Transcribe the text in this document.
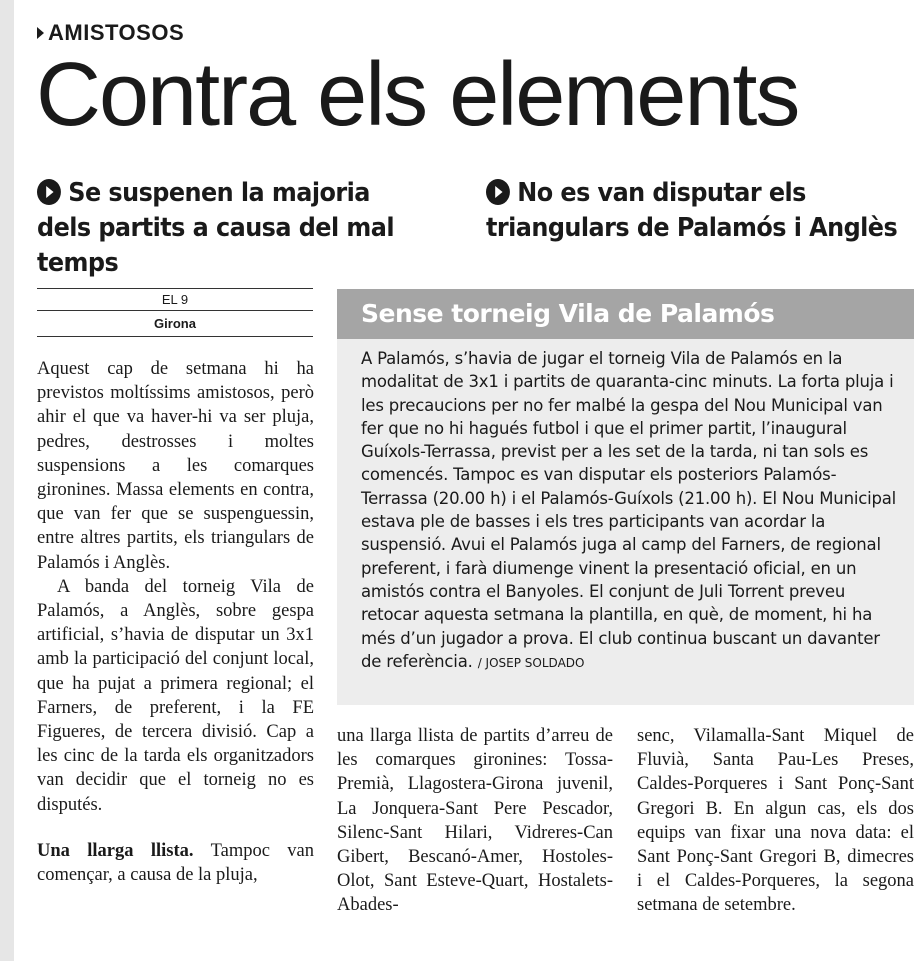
AMISTOSOS
Contra els elements
Se suspenen la majoria dels partits a causa del mal temps
No es van disputar els triangulars de Palamós i Anglès
EL 9
Girona

Aquest cap de setmana hi ha previstos moltíssims amistosos, però ahir el que va haver-hi va ser pluja, pedres, destrosses i moltes suspensions a les comarques gironines. Massa elements en contra, que van fer que se suspenguessin, entre altres partits, els triangulars de Palamós i Anglès.

A banda del torneig Vila de Palamós, a Anglès, sobre gespa artificial, s’havia de disputar un 3x1 amb la participació del conjunt local, que ha pujat a primera regional; el Farners, de preferent, i la FE Figueres, de tercera divisió. Cap a les cinc de la tarda els organitzadors van decidir que el torneig no es disputés.

Una llarga llista. Tampoc van començar, a causa de la pluja,

Sense torneig Vila de Palamós
A Palamós, s’havia de jugar el torneig Vila de Palamós en la modalitat de 3x1 i partits de quaranta-cinc minuts. La forta pluja i les precaucions per no fer malbé la gespa del Nou Municipal van fer que no hi hagués futbol i que el primer partit, l’inaugural Guíxols-Terrassa, previst per a les set de la tarda, ni tan sols es comencés. Tampoc es van disputar els posteriors Palamós-Terrassa (20.00 h) i el Palamós-Guíxols (21.00 h). El Nou Municipal estava ple de basses i els tres participants van acordar la suspensió. Avui el Palamós juga al camp del Farners, de regional preferent, i farà diumenge vinent la presentació oficial, en un amistós contra el Banyoles. El conjunt de Juli Torrent preveu retocar aquesta setmana la plantilla, en què, de moment, hi ha més d’un jugador a prova. El club continua buscant un davanter de referència. / JOSEP SOLDADO

una llarga llista de partits d’arreu de les comarques gironines: Tossa-Premià, Llagostera-Girona juvenil, La Jonquera-Sant Pere Pescador, Silenc-Sant Hilari, Vidreres-Can Gibert, Bescanó-Amer, Hostoles-Olot, Sant Esteve-Quart, Hostalets-Abades-

senc, Vilamalla-Sant Miquel de Fluvià, Santa Pau-Les Preses, Caldes-Porqueres i Sant Ponç-Sant Gregori B. En algun cas, els dos equips van fixar una nova data: el Sant Ponç-Sant Gregori B, dimecres i el Caldes-Porqueres, la segona setmana de setembre.
